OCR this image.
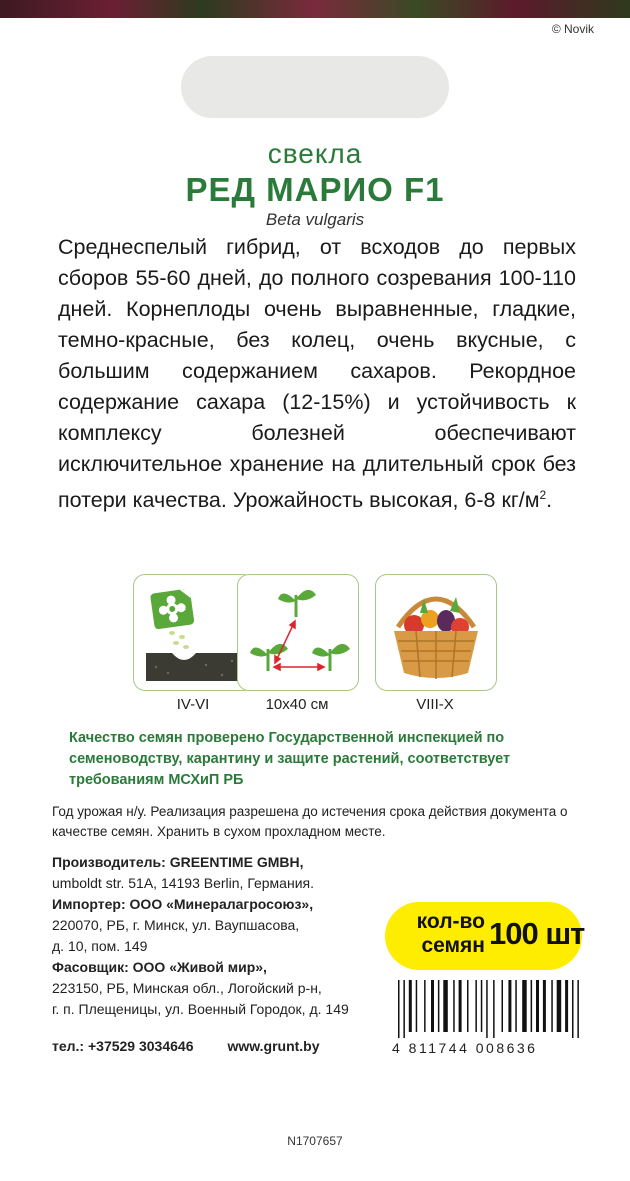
© Novik
свекла
РЕД МАРИО F1
Beta vulgaris
Среднеспелый гибрид, от всходов до первых сборов 55-60 дней, до полного созревания 100-110 дней. Корнеплоды очень выравненные, гладкие, темно-красные, без колец, очень вкусные, с большим содержанием сахаров. Рекордное содержание сахара (12-15%) и устойчивость к комплексу болезней обеспечивают исключительное хранение на длительный срок без потери качества. Урожайность высокая, 6-8 $кг/м^2$.
IV-VI	10x40 см	VIII-X
Качество семян проверено Государственной инспекцией по семеноводству, карантину и защите растений, соответствует требованиям МСХиП РБ
Год урожая н/у. Реализация разрешена до истечения срока действия документа о качестве семян. Хранить в сухом прохладном месте.
Производитель: GREENTIME GMBH,
umboldt str. 51A, 14193 Berlin, Германия.
Импортер: ООО «Минералагросоюз»,
220070, РБ, г. Минск, ул. Ваупшасова,
д. 10, пом. 149
Фасовщик: ООО «Живой мир»,
223150, РБ, Минская обл., Логойский р-н,
г. п. Плещеницы, ул. Военный Городок, д. 149
тел.: +37529 3034646 www.grunt.by
кол-во
семян 100 шт
4 811744 008636
N1707657
